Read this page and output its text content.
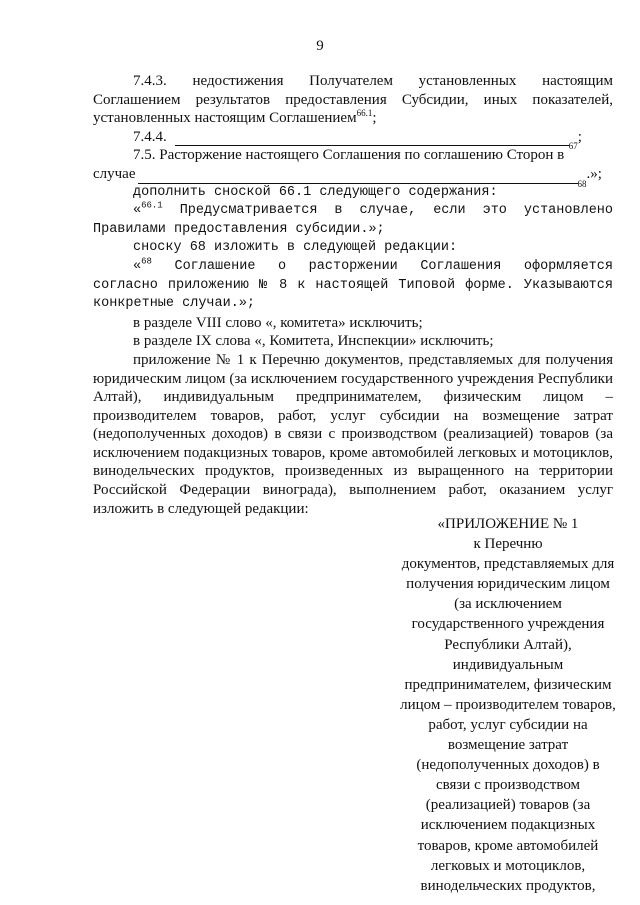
9

7.4.3. недостижения Получателем установленных настоящим Соглашением результатов предоставления Субсидии, иных показателей, установленных настоящим Соглашением$^{66.1}$;

7.4.4.
67
;

7.5. Расторжение настоящего Соглашения по соглашению Сторон в

случае
68
.»;

дополнить сноской 66.1 следующего содержания:

«$^{66.1}$ Предусматривается в случае, если это установлено Правилами предоставления субсидии.»;

сноску 68 изложить в следующей редакции:

«$^{68}$ Соглашение о расторжении Соглашения оформляется согласно приложению № 8 к настоящей Типовой форме. Указываются конкретные случаи.»;

в разделе VIII слово «, комитета» исключить;

в разделе IX слова «, Комитета, Инспекции» исключить;

приложение № 1 к Перечню документов, представляемых для получения юридическим лицом (за исключением государственного учреждения Республики Алтай), индивидуальным предпринимателем, физическим лицом – производителем товаров, работ, услуг субсидии на возмещение затрат (недополученных доходов) в связи с производством (реализацией) товаров (за исключением подакцизных товаров, кроме автомобилей легковых и мотоциклов, винодельческих продуктов, произведенных из выращенного на территории Российской Федерации винограда), выполнением работ, оказанием услуг изложить в следующей редакции:

«ПРИЛОЖЕНИЕ № 1
к Перечню
документов, представляемых для
получения юридическим лицом
(за исключением
государственного учреждения
Республики Алтай),
индивидуальным
предпринимателем, физическим
лицом – производителем товаров,
работ, услуг субсидии на
возмещение затрат
(недополученных доходов) в
связи с производством
(реализацией) товаров (за
исключением подакцизных
товаров, кроме автомобилей
легковых и мотоциклов,
винодельческих продуктов,
